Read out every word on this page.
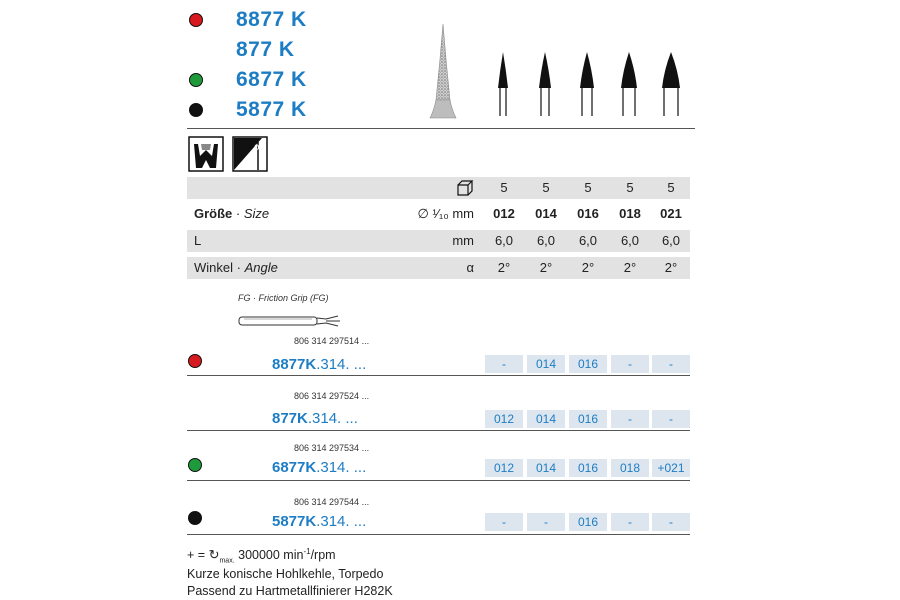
8877 K
877 K
6877 K
5877 K
α
5	5	5	5	5
Größe · Size	∅ ¹⁄₁₀ mm	012	014	016	018	021
L	mm	6,0	6,0	6,0	6,0	6,0
Winkel · Angle	α	2°	2°	2°	2°	2°
FG · Friction Grip (FG)
806 314 297514 ...
8877K.314. ...	-	014	016	-	-
806 314 297524 ...
877K.314. ...	012	014	016	-	-
806 314 297534 ...
6877K.314. ...	012	014	016	018	+021
806 314 297544 ...
5877K.314. ...	-	-	016	-	-
+ = $↻_{max.}$ 300000 $\min^{-1}$/rpm
Kurze konische Hohlkehle, Torpedo
Passend zu Hartmetallfinierer H282K
